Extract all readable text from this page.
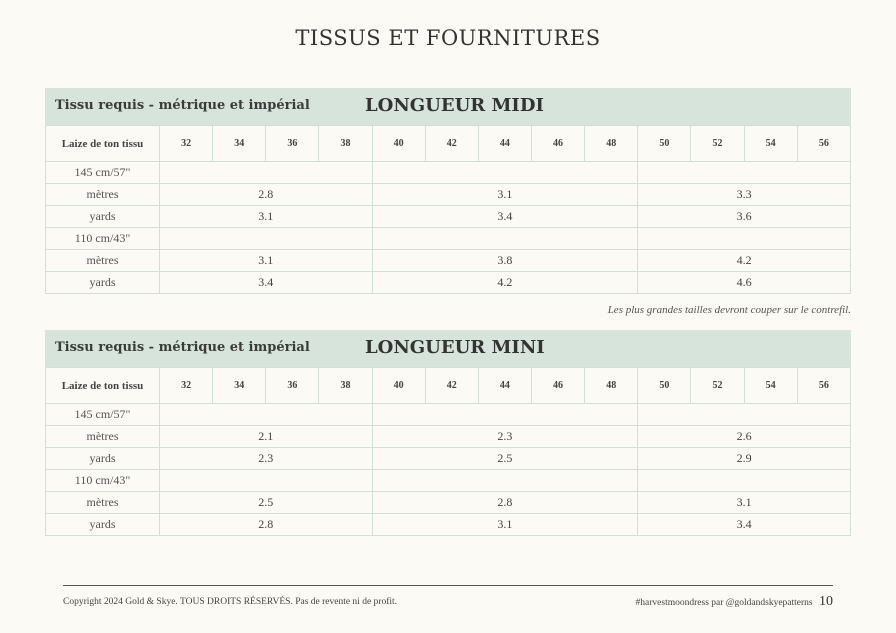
TISSUS ET FOURNITURES
Tissu requis - métrique et impérial	LONGUEUR MIDI
Laize de ton tissu	32	34	36	38	40	42	44	46	48	50	52	54	56
145 cm/57"													
mètres	2.8				3.1					3.3			
yards	3.1				3.4					3.6			
110 cm/43"													
mètres	3.1				3.8					4.2			
yards	3.4				4.2					4.6			
Les plus grandes tailles devront couper sur le contrefil.
Tissu requis - métrique et impérial	LONGUEUR MINI
Laize de ton tissu	32	34	36	38	40	42	44	46	48	50	52	54	56
145 cm/57"													
mètres	2.1				2.3					2.6			
yards	2.3				2.5					2.9			
110 cm/43"													
mètres	2.5				2.8					3.1			
yards	2.8				3.1					3.4			
Copyright 2024 Gold & Skye. TOUS DROITS RÉSERVÉS. Pas de revente ni de profit.	#harvestmoondress par @goldandskyepatterns 10
